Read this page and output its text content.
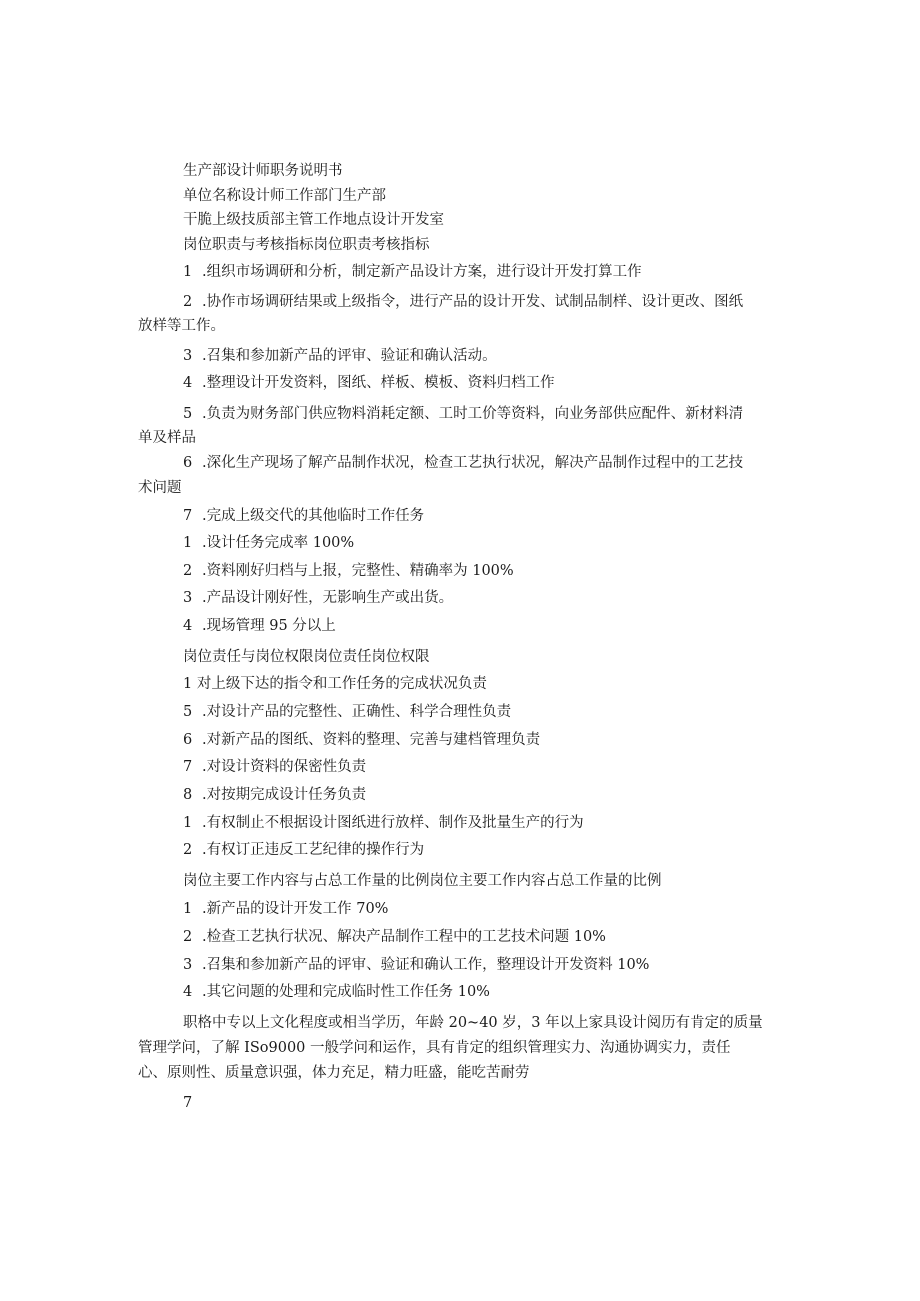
生产部设计师职务说明书
单位名称设计师工作部门生产部
干脆上级技质部主管工作地点设计开发室
岗位职责与考核指标岗位职责考核指标
1 .组织市场调研和分析，制定新产品设计方案，进行设计开发打算工作
2 .协作市场调研结果或上级指令，进行产品的设计开发、试制品制样、设计更改、图纸
放样等工作。
3 .召集和参加新产品的评审、验证和确认活动。
4 .整理设计开发资料，图纸、样板、模板、资料归档工作
5 .负责为财务部门供应物料消耗定额、工时工价等资料，向业务部供应配件、新材料清
单及样品
6 .深化生产现场了解产品制作状况，检查工艺执行状况，解决产品制作过程中的工艺技
术问题
7 .完成上级交代的其他临时工作任务
1 .设计任务完成率 100%
2 .资料刚好归档与上报，完整性、精确率为 100%
3 .产品设计刚好性，无影响生产或出货。
4 .现场管理 95 分以上
岗位责任与岗位权限岗位责任岗位权限
1 对上级下达的指令和工作任务的完成状况负责
5 .对设计产品的完整性、正确性、科学合理性负责
6 .对新产品的图纸、资料的整理、完善与建档管理负责
7 .对设计资料的保密性负责
8 .对按期完成设计任务负责
1 .有权制止不根据设计图纸进行放样、制作及批量生产的行为
2 .有权订正违反工艺纪律的操作行为
岗位主要工作内容与占总工作量的比例岗位主要工作内容占总工作量的比例
1 .新产品的设计开发工作 70%
2 .检查工艺执行状况、解决产品制作工程中的工艺技术问题 10%
3 .召集和参加新产品的评审、验证和确认工作，整理设计开发资料 10%
4 .其它问题的处理和完成临时性工作任务 10%
职格中专以上文化程度或相当学历，年龄 20~40 岁，3 年以上家具设计阅历有肯定的质量
管理学问，了解 ISo9000 一般学问和运作，具有肯定的组织管理实力、沟通协调实力，责任
心、原则性、质量意识强，体力充足，精力旺盛，能吃苦耐劳
7
